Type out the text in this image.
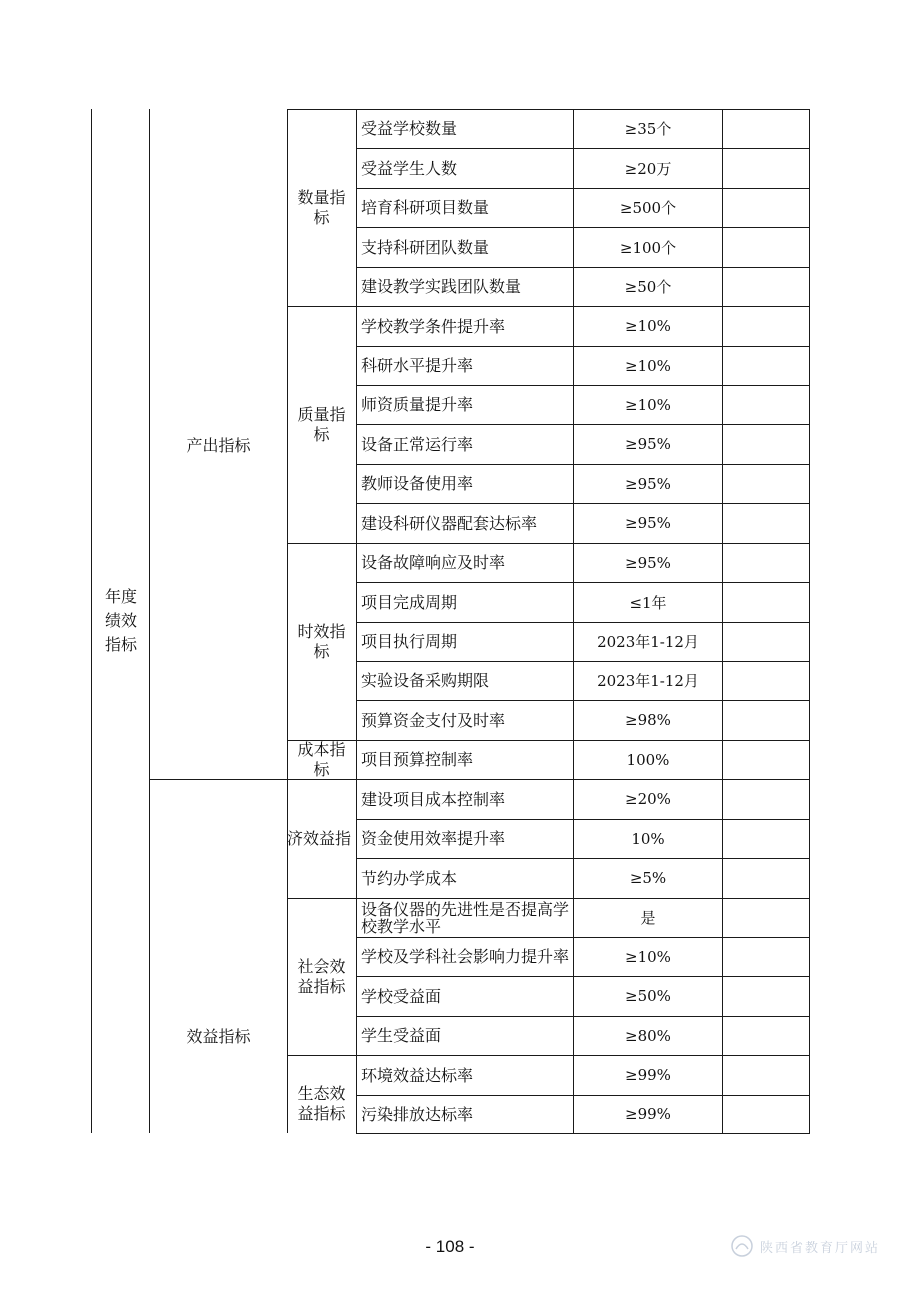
年度绩效指标
产出指标
效益指标
数量指标
质量指标
时效指标
成本指标
济效益指
社会效益指标
生态效益指标
受益学校数量
受益学生人数
培育科研项目数量
支持科研团队数量
建设教学实践团队数量
学校教学条件提升率
科研水平提升率
师资质量提升率
设备正常运行率
教师设备使用率
建设科研仪器配套达标率
设备故障响应及时率
项目完成周期
项目执行周期
实验设备采购期限
预算资金支付及时率
项目预算控制率
建设项目成本控制率
资金使用效率提升率
节约办学成本
设备仪器的先进性是否提高学校教学水平
学校及学科社会影响力提升率
学校受益面
学生受益面
环境效益达标率
污染排放达标率
≥35个
≥20万
≥500个
≥100个
≥50个
≥10%
≥10%
≥10%
≥95%
≥95%
≥95%
≥95%
≤1年
2023年1-12月
2023年1-12月
≥98%
100%
≥20%
10%
≥5%
是
≥10%
≥50%
≥80%
≥99%
≥99%
- 108 -	陕西省教育厅网站
